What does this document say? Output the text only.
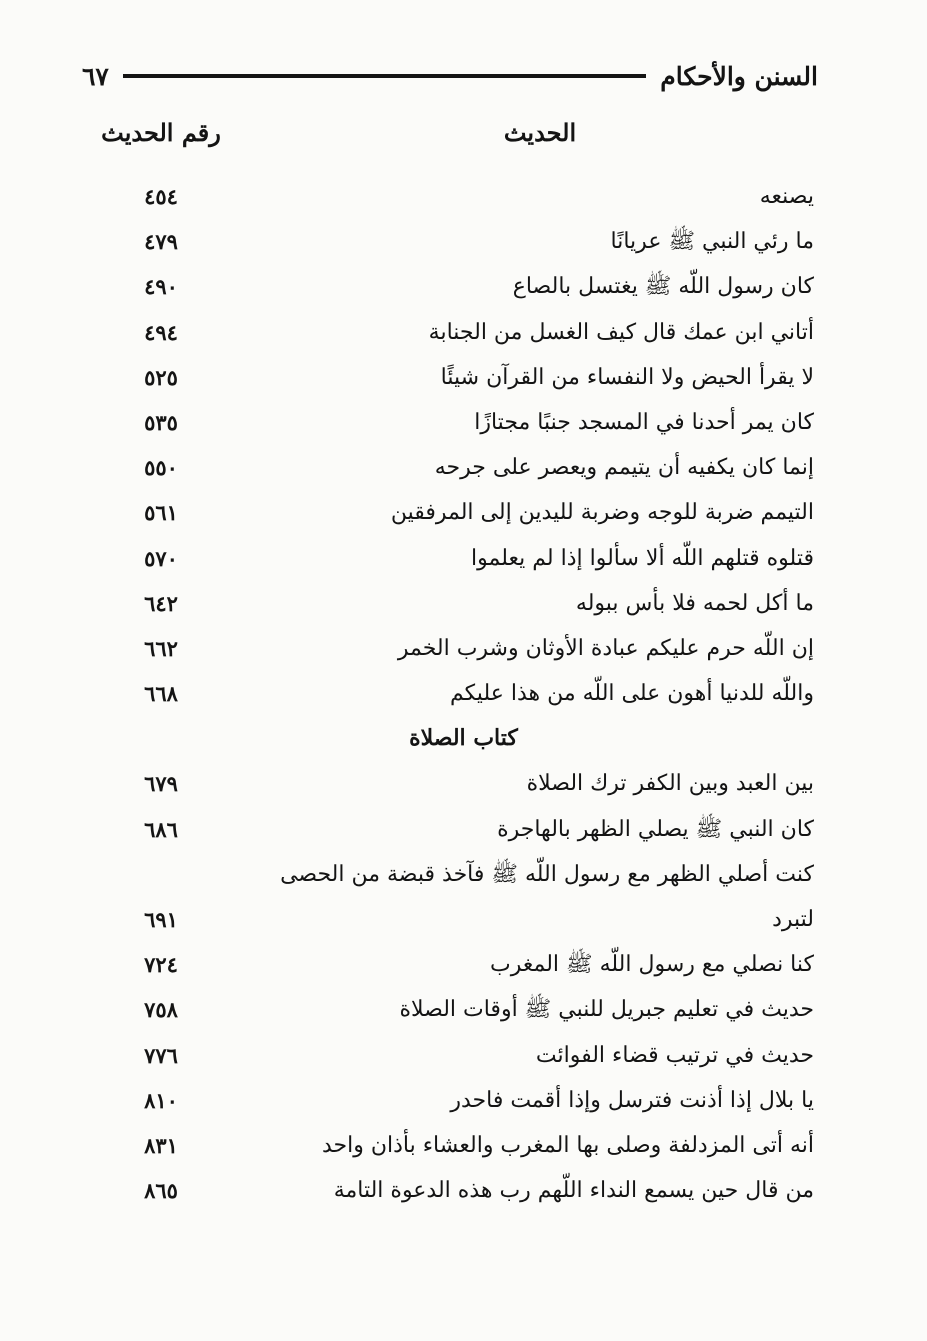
السنن والأحكام
٦٧
الحديث
رقم الحديث
يصنعه
٤٥٤
ما رئي النبي ﷺ عريانًا
٤٧٩
كان رسول اللّه ﷺ يغتسل بالصاع
٤٩٠
أتاني ابن عمك قال كيف الغسل من الجنابة
٤٩٤
لا يقرأ الحيض ولا النفساء من القرآن شيئًا
٥٢٥
كان يمر أحدنا في المسجد جنبًا مجتازًا
٥٣٥
إنما كان يكفيه أن يتيمم ويعصر على جرحه
٥٥٠
التيمم ضربة للوجه وضربة لليدين إلى المرفقين
٥٦١
قتلوه قتلهم اللّه ألا سألوا إذا لم يعلموا
٥٧٠
ما أكل لحمه فلا بأس ببوله
٦٤٢
إن اللّه حرم عليكم عبادة الأوثان وشرب الخمر
٦٦٢
واللّه للدنيا أهون على اللّه من هذا عليكم
٦٦٨
كتاب الصلاة
بين العبد وبين الكفر ترك الصلاة
٦٧٩
كان النبي ﷺ يصلي الظهر بالهاجرة
٦٨٦
كنت أصلي الظهر مع رسول اللّه ﷺ فآخذ قبضة من الحصى
لتبرد
٦٩١
كنا نصلي مع رسول اللّه ﷺ المغرب
٧٢٤
حديث في تعليم جبريل للنبي ﷺ أوقات الصلاة
٧٥٨
حديث في ترتيب قضاء الفوائت
٧٧٦
يا بلال إذا أذنت فترسل وإذا أقمت فاحدر
٨١٠
أنه أتى المزدلفة وصلى بها المغرب والعشاء بأذان واحد
٨٣١
من قال حين يسمع النداء اللّهم رب هذه الدعوة التامة
٨٦٥
